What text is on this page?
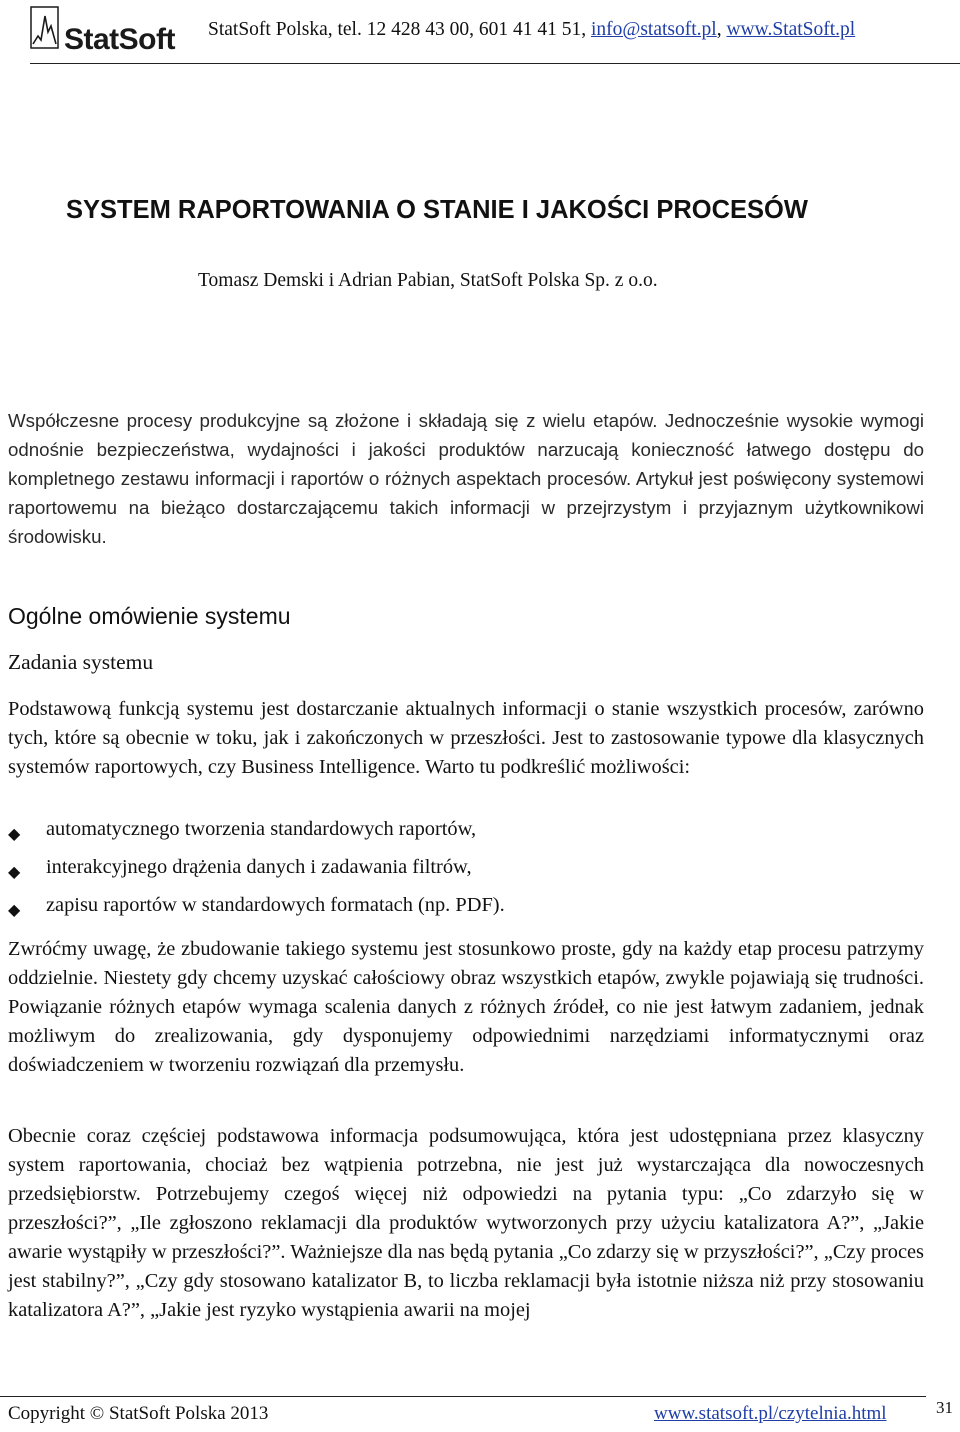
StatSoft StatSoft Polska, tel. 12 428 43 00, 601 41 41 51, info@statsoft.pl, www.StatSoft.pl
SYSTEM RAPORTOWANIA O STANIE I JAKOŚCI PROCESÓW
Tomasz Demski i Adrian Pabian, StatSoft Polska Sp. z o.o.
Współczesne procesy produkcyjne są złożone i składają się z wielu etapów. Jednocześnie wysokie wymogi odnośnie bezpieczeństwa, wydajności i jakości produktów narzucają konieczność łatwego dostępu do kompletnego zestawu informacji i raportów o różnych aspektach procesów. Artykuł jest poświęcony systemowi raportowemu na bieżąco dostarczającemu takich informacji w przejrzystym i przyjaznym użytkownikowi środowisku.
Ogólne omówienie systemu
Zadania systemu
Podstawową funkcją systemu jest dostarczanie aktualnych informacji o stanie wszystkich procesów, zarówno tych, które są obecnie w toku, jak i zakończonych w przeszłości. Jest to zastosowanie typowe dla klasycznych systemów raportowych, czy Business Intelligence. Warto tu podkreślić możliwości:
◆ automatycznego tworzenia standardowych raportów,
◆ interakcyjnego drążenia danych i zadawania filtrów,
◆ zapisu raportów w standardowych formatach (np. PDF).
Zwróćmy uwagę, że zbudowanie takiego systemu jest stosunkowo proste, gdy na każdy etap procesu patrzymy oddzielnie. Niestety gdy chcemy uzyskać całościowy obraz wszystkich etapów, zwykle pojawiają się trudności. Powiązanie różnych etapów wymaga scalenia danych z różnych źródeł, co nie jest łatwym zadaniem, jednak możliwym do zrealizowania, gdy dysponujemy odpowiednimi narzędziami informatycznymi oraz doświadczeniem w tworzeniu rozwiązań dla przemysłu.
Obecnie coraz częściej podstawowa informacja podsumowująca, która jest udostępniana przez klasyczny system raportowania, chociaż bez wątpienia potrzebna, nie jest już wystarczająca dla nowoczesnych przedsiębiorstw. Potrzebujemy czegoś więcej niż odpowiedzi na pytania typu: „Co zdarzyło się w przeszłości?”, „Ile zgłoszono reklamacji dla produktów wytworzonych przy użyciu katalizatora A?”, „Jakie awarie wystąpiły w przeszłości?”. Ważniejsze dla nas będą pytania „Co zdarzy się w przyszłości?”, „Czy proces jest stabilny?”, „Czy gdy stosowano katalizator B, to liczba reklamacji była istotnie niższa niż przy stosowaniu katalizatora A?”, „Jakie jest ryzyko wystąpienia awarii na mojej
Copyright © StatSoft Polska 2013	www.statsoft.pl/czytelnia.html	31
